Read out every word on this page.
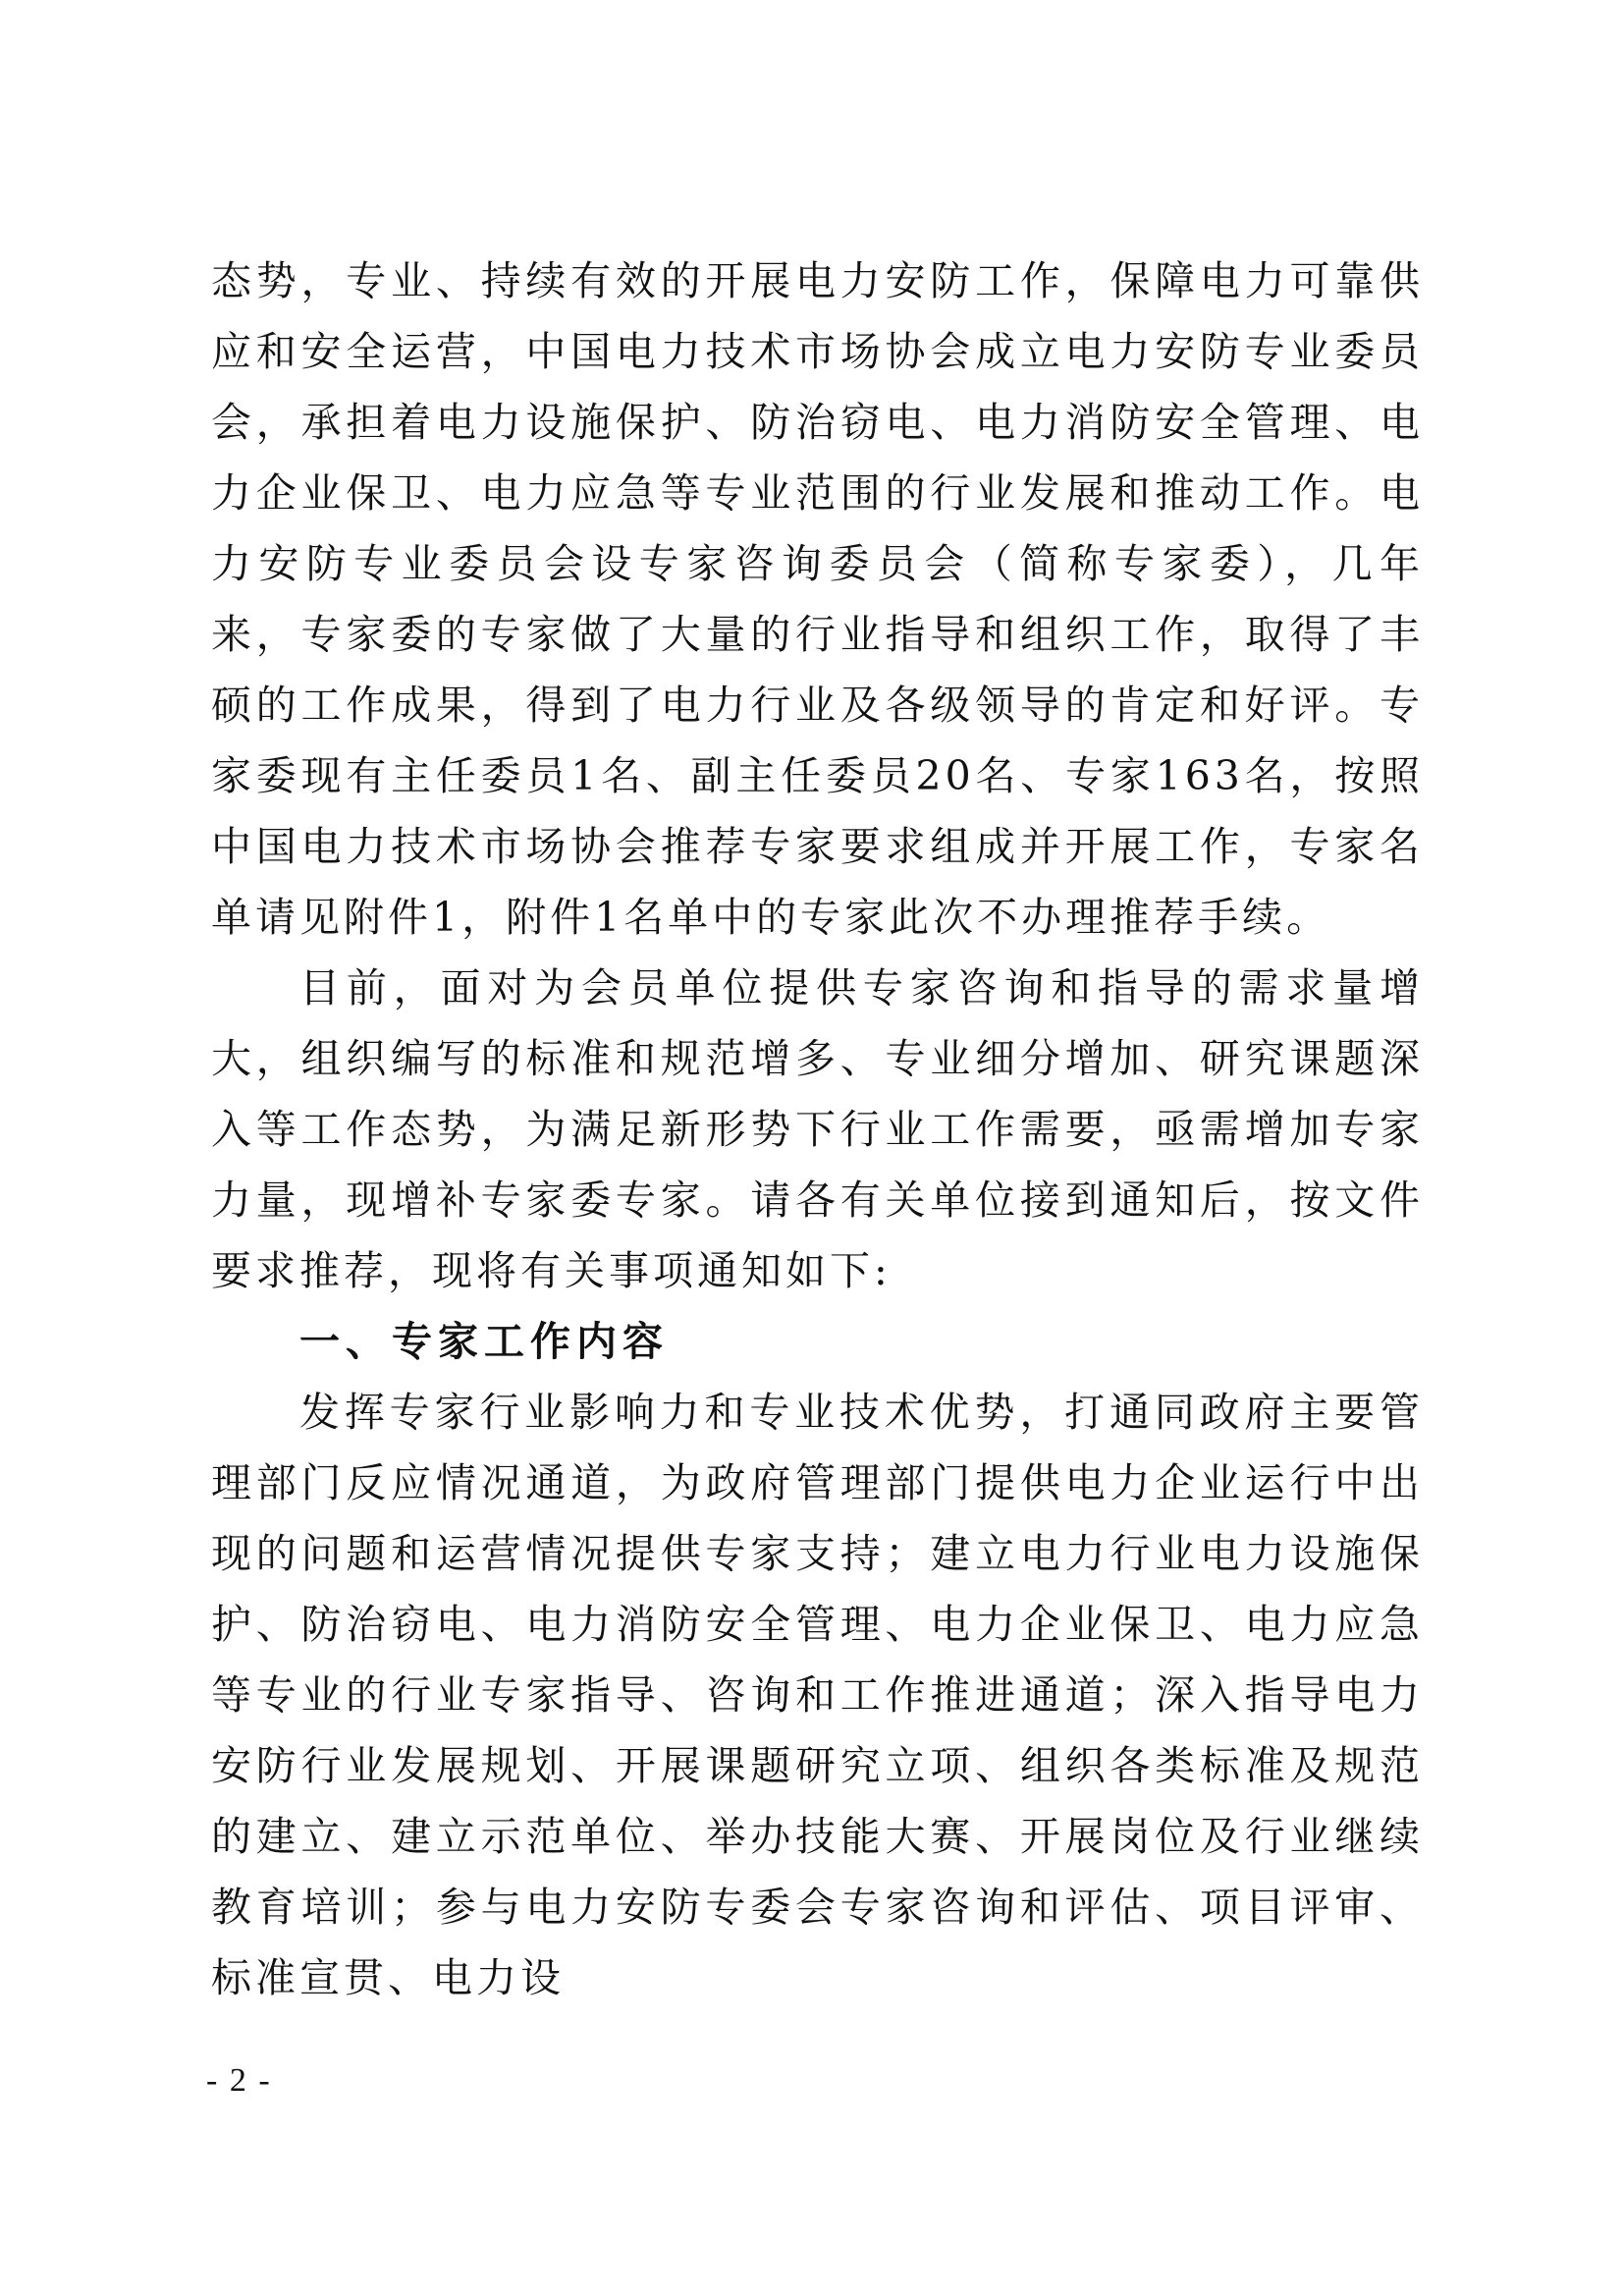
态势，专业、持续有效的开展电力安防工作，保障电力可靠供应和安全运营，中国电力技术市场协会成立电力安防专业委员会，承担着电力设施保护、防治窃电、电力消防安全管理、电力企业保卫、电力应急等专业范围的行业发展和推动工作。电力安防专业委员会设专家咨询委员会（简称专家委），几年来，专家委的专家做了大量的行业指导和组织工作，取得了丰硕的工作成果，得到了电力行业及各级领导的肯定和好评。专家委现有主任委员1名、副主任委员20名、专家163名，按照中国电力技术市场协会推荐专家要求组成并开展工作，专家名单请见附件1，附件1名单中的专家此次不办理推荐手续。

目前，面对为会员单位提供专家咨询和指导的需求量增大，组织编写的标准和规范增多、专业细分增加、研究课题深入等工作态势，为满足新形势下行业工作需要，亟需增加专家力量，现增补专家委专家。请各有关单位接到通知后，按文件要求推荐，现将有关事项通知如下:

一、专家工作内容

发挥专家行业影响力和专业技术优势，打通同政府主要管理部门反应情况通道，为政府管理部门提供电力企业运行中出现的问题和运营情况提供专家支持；建立电力行业电力设施保护、防治窃电、电力消防安全管理、电力企业保卫、电力应急等专业的行业专家指导、咨询和工作推进通道；深入指导电力安防行业发展规划、开展课题研究立项、组织各类标准及规范的建立、建立示范单位、举办技能大赛、开展岗位及行业继续教育培训；参与电力安防专委会专家咨询和评估、项目评审、标准宣贯、电力设

- 2 -
